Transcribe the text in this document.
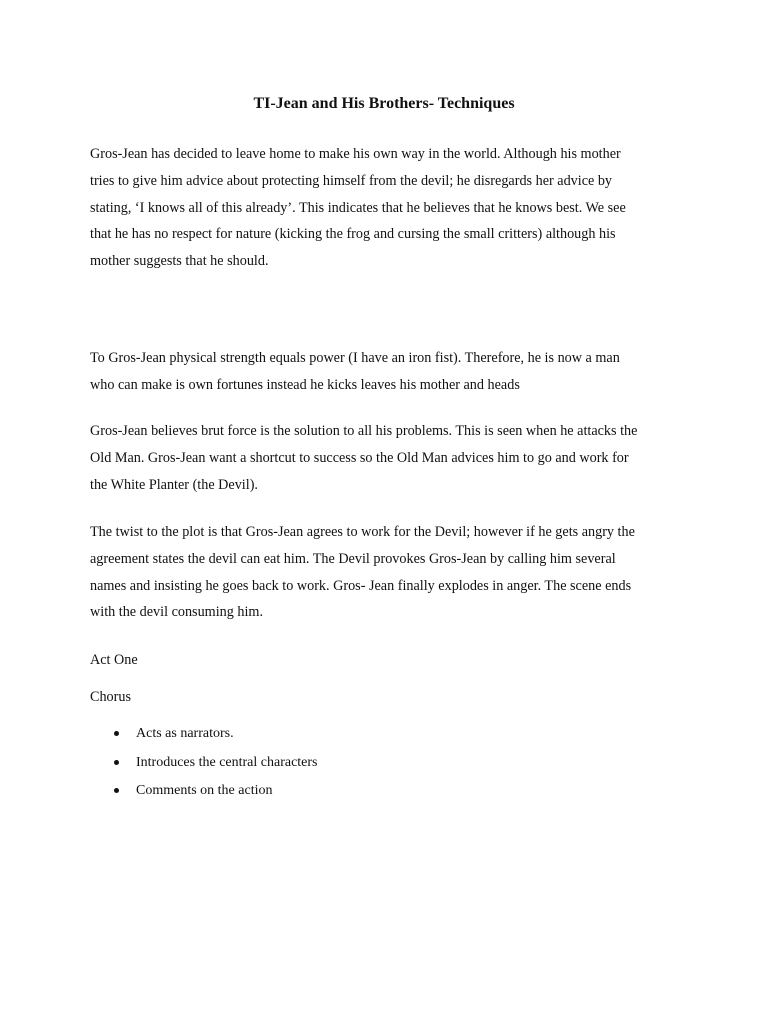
TI-Jean and His Brothers- Techniques

Gros-Jean has decided to leave home to make his own way in the world. Although his mother
tries to give him advice about protecting himself from the devil; he disregards her advice by
stating, ‘I knows all of this already’. This indicates that he believes that he knows best. We see
that he has no respect for nature (kicking the frog and cursing the small critters) although his
mother suggests that he should.

To Gros-Jean physical strength equals power (I have an iron fist). Therefore, he is now a man
who can make is own fortunes instead he kicks leaves his mother and heads

Gros-Jean believes brut force is the solution to all his problems. This is seen when he attacks the
Old Man. Gros-Jean want a shortcut to success so the Old Man advices him to go and work for
the White Planter (the Devil).

The twist to the plot is that Gros-Jean agrees to work for the Devil; however if he gets angry the
agreement states the devil can eat him. The Devil provokes Gros-Jean by calling him several
names and insisting he goes back to work. Gros- Jean finally explodes in anger. The scene ends
with the devil consuming him.

Act One

Chorus

Acts as narrators.
Introduces the central characters
Comments on the action
